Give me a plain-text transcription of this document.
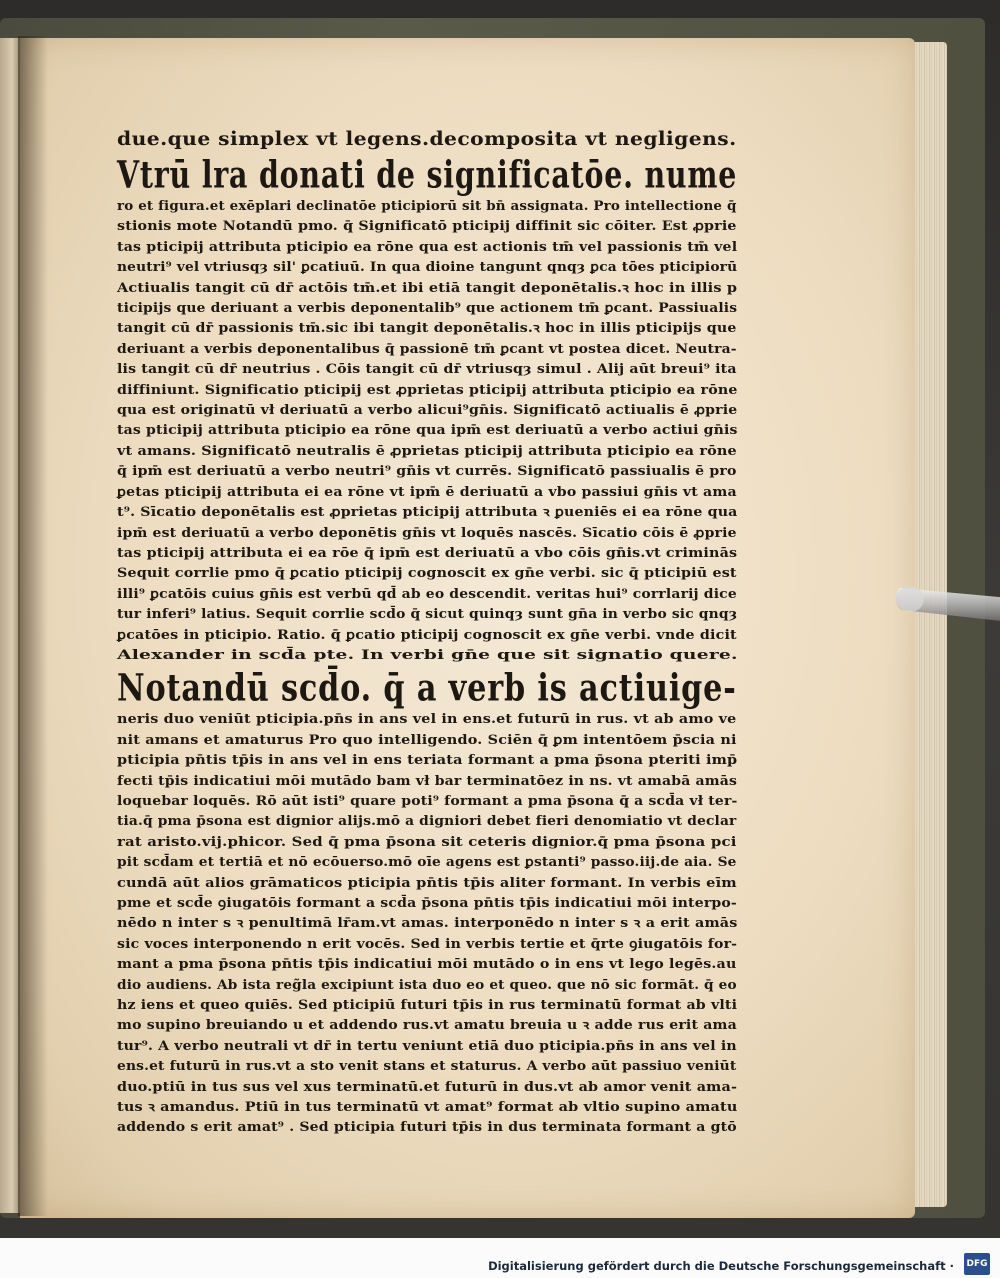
due.que simplex vt legens.decomposita vt negligens.
Vtrū lra donati de significatōe. nume
ro et figura.et exēplari declinatōe pticipiorū sit bn̄ assignata. Pro intellectione q̄
stionis mote Notandū pmo. q̄ Significatō pticipij diffinit sic cōiter. Est ꝓprie
tas pticipij attributa pticipio ea rōne qua est actionis tm̄ vel passionis tm̄ vel
neutri⁹ vel vtriusqȝ sil' ꝑcatiuū. In qua dioine tangunt qnqȝ ꝑca tōes pticipiorū
Actiualis tangit cū dr̄ actōis tm̄.et ibi etiā tangit deponētalis.ꝛ hoc in illis p
ticipijs que deriuant a verbis deponentalib⁹ que actionem tm̄ ꝑcant. Passiualis
tangit cū dr̄ passionis tm̄.sic ibi tangit deponētalis.ꝛ hoc in illis pticipijs que
deriuant a verbis deponentalibus q̄ passionē tm̄ ꝑcant vt postea dicet. Neutra-
lis tangit cū dr̄ neutrius . Cōis tangit cū dr̄ vtriusqȝ simul . Alij aūt breui⁹ ita
diffiniunt. Significatio pticipij est ꝓprietas pticipij attributa pticipio ea rōne
qua est originatū vł deriuatū a verbo alicui⁹gn̄is. Significatō actiualis ē ꝓprie
tas pticipij attributa pticipio ea rōne qua ipm̄ est deriuatū a verbo actiui gn̄is
vt amans. Significatō neutralis ē ꝓprietas pticipij attributa pticipio ea rōne
q̄ ipm̄ est deriuatū a verbo neutri⁹ gn̄is vt currēs. Significatō passiualis ē pro
ꝑetas pticipij attributa ei ea rōne vt ipm̄ ē deriuatū a vbo passiui gn̄is vt ama
t⁹. Sīcatio deponētalis est ꝓprietas pticipij attributa ꝛ ꝑueniēs ei ea rōne qua
ipm̄ est deriuatū a verbo deponētis gn̄is vt loquēs nascēs. Sīcatio cōis ē ꝓprie
tas pticipij attributa ei ea rōe q̄ ipm̄ est deriuatū a vbo cōis gn̄is.vt criminās
Sequit corrlie pmo q̄ ꝑcatio pticipij cognoscit ex gn̄e verbi. sic q̄ pticipiū est
illi⁹ ꝑcatōis cuius gn̄is est verbū qd̄ ab eo descendit. veritas hui⁹ corrlarij dice
tur inferi⁹ latius. Sequit corrlie scd̄o q̄ sicut quinqȝ sunt gn̄a in verbo sic qnqȝ
ꝑcatōes in pticipio. Ratio. q̄ ꝑcatio pticipij cognoscit ex gn̄e verbi. vnde dicit
Alexander in scd̄a pte. In verbi gn̄e que sit signatio quere.
Notandū scd̄o. q̄ a verb is actiuige-
neris duo veniūt pticipia.pn̄s in ans vel in ens.et futurū in rus. vt ab amo ve
nit amans et amaturus Pro quo intelligendo. Sciēn q̄ ꝑm intentōem p̄scia ni
pticipia pn̄tis tp̄is in ans vel in ens teriata formant a pma p̄sona pteriti imp̄
fecti tp̄is indicatiui mōi mutādo bam vł bar terminatōez in ns. vt amabā amās
loquebar loquēs. Rō aūt isti⁹ quare poti⁹ formant a pma p̄sona q̄ a scd̄a vł ter-
tia.q̄ pma p̄sona est dignior alijs.mō a digniori debet fieri denomiatio vt declar
rat aristo.vij.phicor. Sed q̄ pma p̄sona sit ceteris dignior.q̄ pma p̄sona pci
pit scd̄am et tertiā et nō ecōuerso.mō oīe agens est ꝑstanti⁹ passo.iij.de aia. Se
cundā aūt alios grāmaticos pticipia pn̄tis tp̄is aliter formant. In verbis eīm
pme et scd̄e ꝯiugatōis formant a scd̄a p̄sona pn̄tis tp̄is indicatiui mōi interpo-
nēdo n inter s ꝛ penultimā lr̄am.vt amas. interponēdo n inter s ꝛ a erit amās
sic voces interponendo n erit vocēs. Sed in verbis tertie et q̄rte ꝯiugatōis for-
mant a pma p̄sona pn̄tis tp̄is indicatiui mōi mutādo o in ens vt lego legēs.au
dio audiens. Ab ista reg̃la excipiunt ista duo eo et queo. que nō sic formāt. q̄ eo
hz iens et queo quiēs. Sed pticipiū futuri tp̄is in rus terminatū format ab vlti
mo supino breuiando u et addendo rus.vt amatu breuia u ꝛ adde rus erit ama
tur⁹. A verbo neutrali vt dr̄ in tertu veniunt etiā duo pticipia.pn̄s in ans vel in
ens.et futurū in rus.vt a sto venit stans et staturus. A verbo aūt passiuo veniūt
duo.ptiū in tus sus vel xus terminatū.et futurū in dus.vt ab amor venit ama-
tus ꝛ amandus. Ptiū in tus terminatū vt amat⁹ format ab vltio supino amatu
addendo s erit amat⁹ . Sed pticipia futuri tp̄is in dus terminata formant a gtō
Digitalisierung gefördert durch die Deutsche Forschungsgemeinschaft · DFG
